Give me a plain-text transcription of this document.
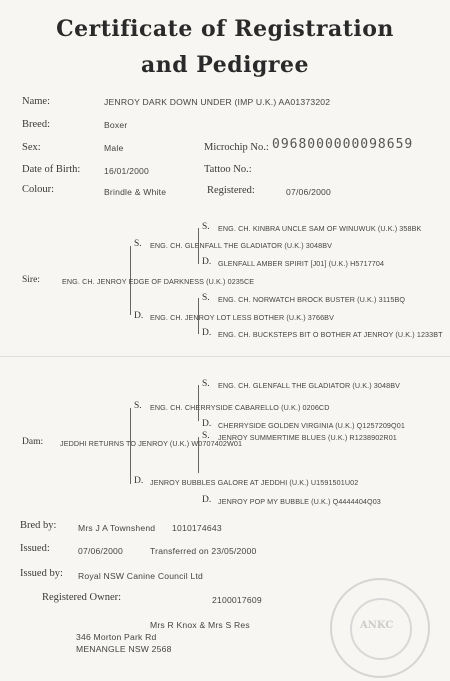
Certificate of Registration
and Pedigree
Name:	JENROY DARK DOWN UNDER (IMP U.K.) AA01373202
Breed:	Boxer
Sex:	Male	Microchip No.: 0968000000098659
Date of Birth:	16/01/2000	Tattoo No.:
Colour:	Brindle & White	Registered:	07/06/2000
S. ENG. CH. KINBRA UNCLE SAM OF WINUWUK (U.K.) 358BK
S. ENG. CH. GLENFALL THE GLADIATOR (U.K.) 3048BV
D. GLENFALL AMBER SPIRIT [J01] (U.K.) H5717704
Sire:	ENG. CH. JENROY EDGE OF DARKNESS (U.K.) 0235CE
S. ENG. CH. NORWATCH BROCK BUSTER (U.K.) 3115BQ
D. ENG. CH. JENROY LOT LESS BOTHER (U.K.) 3766BV
D. ENG. CH. BUCKSTEPS BIT O BOTHER AT JENROY (U.K.) 1233BT
S. ENG. CH. GLENFALL THE GLADIATOR (U.K.) 3048BV
S. ENG. CH. CHERRYSIDE CABARELLO (U.K.) 0206CD
D. CHERRYSIDE GOLDEN VIRGINIA (U.K.) Q1257209Q01
Dam: JEDDHI RETURNS TO JENROY (U.K.) W0707402W01
S. JENROY SUMMERTIME BLUES (U.K.) R1238902R01
D. JENROY BUBBLES GALORE AT JEDDHI (U.K.) U1591501U02
D. JENROY POP MY BUBBLE (U.K.) Q4444404Q03
Bred by:	Mrs J A Townshend 1010174643
Issued:	07/06/2000	Transferred on 23/05/2000
Issued by: Royal NSW Canine Council Ltd
Registered Owner:	2100017609
Mrs R Knox & Mrs S Res
346 Morton Park Rd
MENANGLE NSW 2568
ANKC
